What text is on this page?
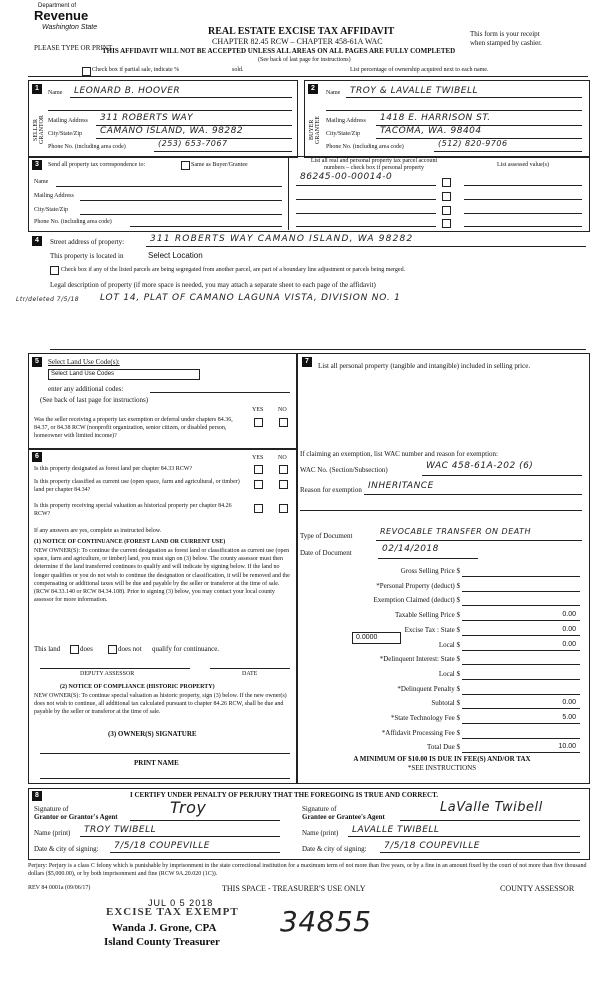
Department of
Revenue
Washington State
PLEASE TYPE OR PRINT
REAL ESTATE EXCISE TAX AFFIDAVIT
CHAPTER 82.45 RCW – CHAPTER 458-61A WAC
THIS AFFIDAVIT WILL NOT BE ACCEPTED UNLESS ALL AREAS ON ALL PAGES ARE FULLY COMPLETED
(See back of last page for instructions)
This form is your receipt
when stamped by cashier.
Check box if partial sale, indicate %	sold.	List percentage of ownership acquired next to each name.
1
SELLER GRANTOR
Name LEONARD B. HOOVER
Mailing Address 311 ROBERTS WAY
City/State/Zip CAMANO ISLAND, WA. 98282
Phone No. (including area code)	(253) 653-7067
2
BUYER GRANTEE
Name TROY & LAVALLE TWIBELL
Mailing Address 1418 E. HARRISON ST.
City/State/Zip TACOMA, WA. 98404
Phone No. (including area code)	(512) 820-9706
3	Send all property tax correspondence to:	Same as Buyer/Grantee
Name
Mailing Address
City/State/Zip
Phone No. (including area code)
List all real and personal property tax parcel account
numbers – check box if personal property	List assessed value(s)
86245-00-00014-0
4	Street address of property:	311 ROBERTS WAY CAMANO ISLAND, WA 98282
This property is located in	Select Location
Check box if any of the listed parcels are being segregated from another parcel, are part of a boundary line adjustment or parcels being merged.
Legal description of property (if more space is needed, you may attach a separate sheet to each page of the affidavit)
Ltr/deleted 7/5/18 LOT 14, PLAT OF CAMANO LAGUNA VISTA, DIVISION NO. 1
5	Select Land Use Code(s):
Select Land Use Codes
enter any additional codes:
(See back of last page for instructions)
YES NO
Was the seller receiving a property tax exemption or deferral under chapters 84.36, 84.37, or 84.38 RCW (nonprofit organization, senior citizen, or disabled person, homeowner with limited income)?
6	YES NO
Is this property designated as forest land per chapter 84.33 RCW?
Is this property classified as current use (open space, farm and agricultural, or timber) land per chapter 84.34?
Is this property receiving special valuation as historical property per chapter 84.26 RCW?
If any answers are yes, complete as instructed below.
(1) NOTICE OF CONTINUANCE (FOREST LAND OR CURRENT USE)
NEW OWNER(S): To continue the current designation as forest land or classification as current use (open space, farm and agriculture, or timber) land, you must sign on (3) below. The county assessor must then determine if the land transferred continues to qualify and will indicate by signing below. If the land no longer qualifies or you do not wish to continue the designation or classification, it will be removed and the compensating or additional taxes will be due and payable by the seller or transferor at the time of sale. (RCW 84.33.140 or RCW 84.34.108). Prior to signing (3) below, you may contact your local county assessor for more information.
This land	does	does not qualify for continuance.
DEPUTY ASSESSOR	DATE
(2) NOTICE OF COMPLIANCE (HISTORIC PROPERTY)
NEW OWNER(S): To continue special valuation as historic property, sign (3) below. If the new owner(s) does not wish to continue, all additional tax calculated pursuant to chapter 84.26 RCW, shall be due and payable by the seller or transferor at the time of sale.
(3) OWNER(S) SIGNATURE
PRINT NAME
7
List all personal property (tangible and intangible) included in selling price.
If claiming an exemption, list WAC number and reason for exemption:
WAC No. (Section/Subsection)	WAC 458-61A-202 (6)
Reason for exemption INHERITANCE
Type of Document	REVOCABLE TRANSFER ON DEATH
Date of Document	02/14/2018
Gross Selling Price $
*Personal Property (deduct) $
Exemption Claimed (deduct) $
Taxable Selling Price $	0.00
Excise Tax : State $	0.00
Local $	0.00
*Delinquent Interest: State $
Local $
*Delinquent Penalty $
Subtotal $	0.00
*State Technology Fee $	5.00
*Affidavit Processing Fee $
Total Due $	10.00
0.0000
A MINIMUM OF $10.00 IS DUE IN FEE(S) AND/OR TAX
*SEE INSTRUCTIONS
8	I CERTIFY UNDER PENALTY OF PERJURY THAT THE FOREGOING IS TRUE AND CORRECT.
Signature of
Grantor or Grantor's Agent	Troy
Name (print) TROY TWIBELL
Date & city of signing: 7/5/18 COUPEVILLE
Signature of
Grantee or Grantee's Agent
LaValle Twibell
Name (print) LAVALLE TWIBELL
Date & city of signing: 7/5/18 COUPEVILLE
Perjury: Perjury is a class C felony which is punishable by imprisonment in the state correctional institution for a maximum term of not more than five years, or by a fine in an amount fixed by the court of not more than five thousand dollars ($5,000.00), or by both imprisonment and fine (RCW 9A.20.020 (1C)).
REV 84 0001a (09/06/17)	THIS SPACE - TREASURER'S USE ONLY	COUNTY ASSESSOR
JUL 0 5 2018
EXCISE TAX EXEMPT
Wanda J. Grone, CPA
Island County Treasurer
34855
